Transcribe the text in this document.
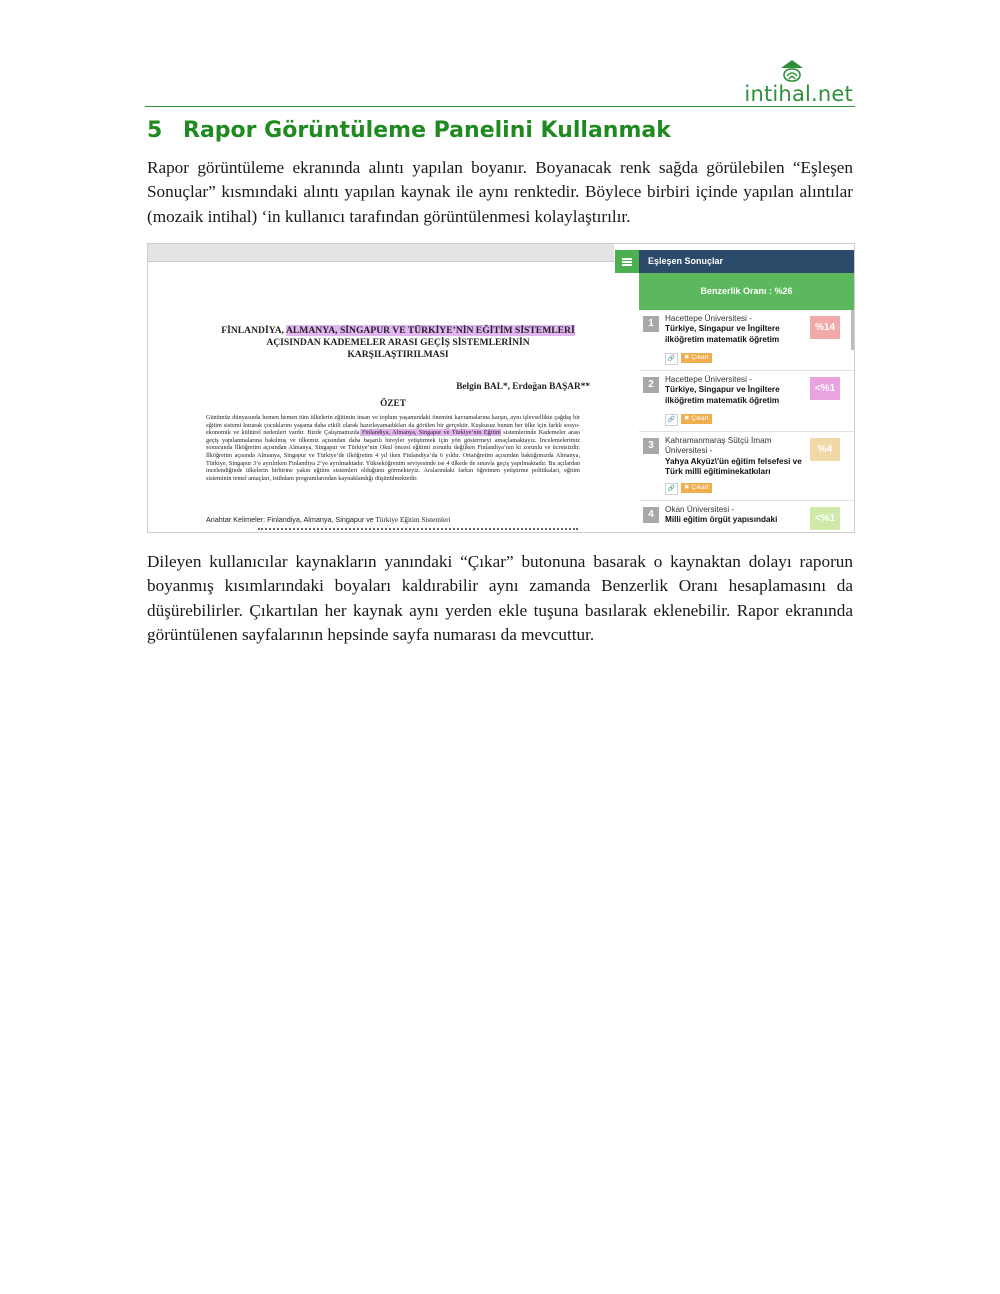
intihal.net
5 Rapor Görüntüleme Panelini Kullanmak

Rapor görüntüleme ekranında alıntı yapılan boyanır. Boyanacak renk sağda görülebilen “Eşleşen Sonuçlar” kısmındaki alıntı yapılan kaynak ile aynı renktedir. Böylece birbiri içinde yapılan alıntılar (mozaik intihal) ‘in kullanıcı tarafından görüntülenmesi kolaylaştırılır.

FİNLANDİYA, ALMANYA, SİNGAPUR VE TÜRKİYE’NİN EĞİTİM SİSTEMLERİ
AÇISINDAN KADEMELER ARASI GEÇİŞ SİSTEMLERİNİN
KARŞILAŞTIRILMASI
Belgin BAL*, Erdoğan BAŞAR**
ÖZET

Günümüz dünyasında hemen hemen tüm ülkelerin eğitimin insan ve toplum yaşamındaki önemini kavramalarına karşın, aynı işlevsellikte çağdaş bir eğitim sistemi kurarak çocuklarını yaşama daha etkili olarak hazırlayamadıkları da görülen bir gerçektir. Kuşkusuz bunun her ülke için farklı sosyo-ekonomik ve kültürel nedenleri vardır. Bizde Çalışmamızda Finlandiya, Almanya, Singapur ve Türkiye’nin Eğitim sistemlerinde Kademeler arası geçiş yapılanmalarına bakılmış ve ülkemiz açısından daha başarılı bireyler yetiştirmek için yön göstermeyi amaçlamaktayız. İncelemelerimiz sonucunda İlköğretim açısından Almanya, Singapur ve Türkiye’nin Okul öncesi eğitimi zorunlu değilken Finlandiya’nın ki zorunlu ve ücretsizdir. İlköğretim açısında Almanya, Singapur ve Türkiye’de ilköğretim 4 yıl iken Finlandiya’da 6 yıldır. Ortaöğretim açısından baktığımızda Almanya, Türkiye, Singapur 3’e ayrılırken Finlandiya 2’ye ayrılmaktadır. Yükseköğrenim seviyesinde ise 4 ülkede de sınavla geçiş yapılmaktadır. Bu açılardan incelendiğinde ülkelerin birbirine yakın eğitim sistemleri olduğunu görmekteyiz. Aralarındaki farkın öğretmen yetiştirme politikaları, eğitim sisteminin temel amaçları, istihdam programlarından kaynaklandığı düşünülmektedir.

Anahtar Kelimeler: Finlandiya, Almanya, Singapur ve Türkiye Eğitim Sistemleri
Eşleşen Sonuçlar
Benzerlik Oranı : %26
1	Hacettepe Üniversitesi -
Türkiye, Singapur ve İngiltere ilköğretim matematik öğretim
%14
🔗	✖ Çıkart
2	Hacettepe Üniversitesi -
Türkiye, Singapur ve İngiltere ilköğretim matematik öğretim
<%1
🔗	✖ Çıkart
3	Kahramanmaraş Sütçü İmam Üniversitesi -
Yahya Akyüz\'ün eğitim felsefesi ve Türk milli eğitiminekatkıları
%4
🔗	✖ Çıkart
4	Okan Üniversitesi -
Milli eğitim örgüt yapısındaki	<%1

Dileyen kullanıcılar kaynakların yanındaki “Çıkar” butonuna basarak o kaynaktan dolayı raporun boyanmış kısımlarındaki boyaları kaldırabilir aynı zamanda Benzerlik Oranı hesaplamasını da düşürebilirler. Çıkartılan her kaynak aynı yerden ekle tuşuna basılarak eklenebilir. Rapor ekranında görüntülenen sayfalarının hepsinde sayfa numarası da mevcuttur.
